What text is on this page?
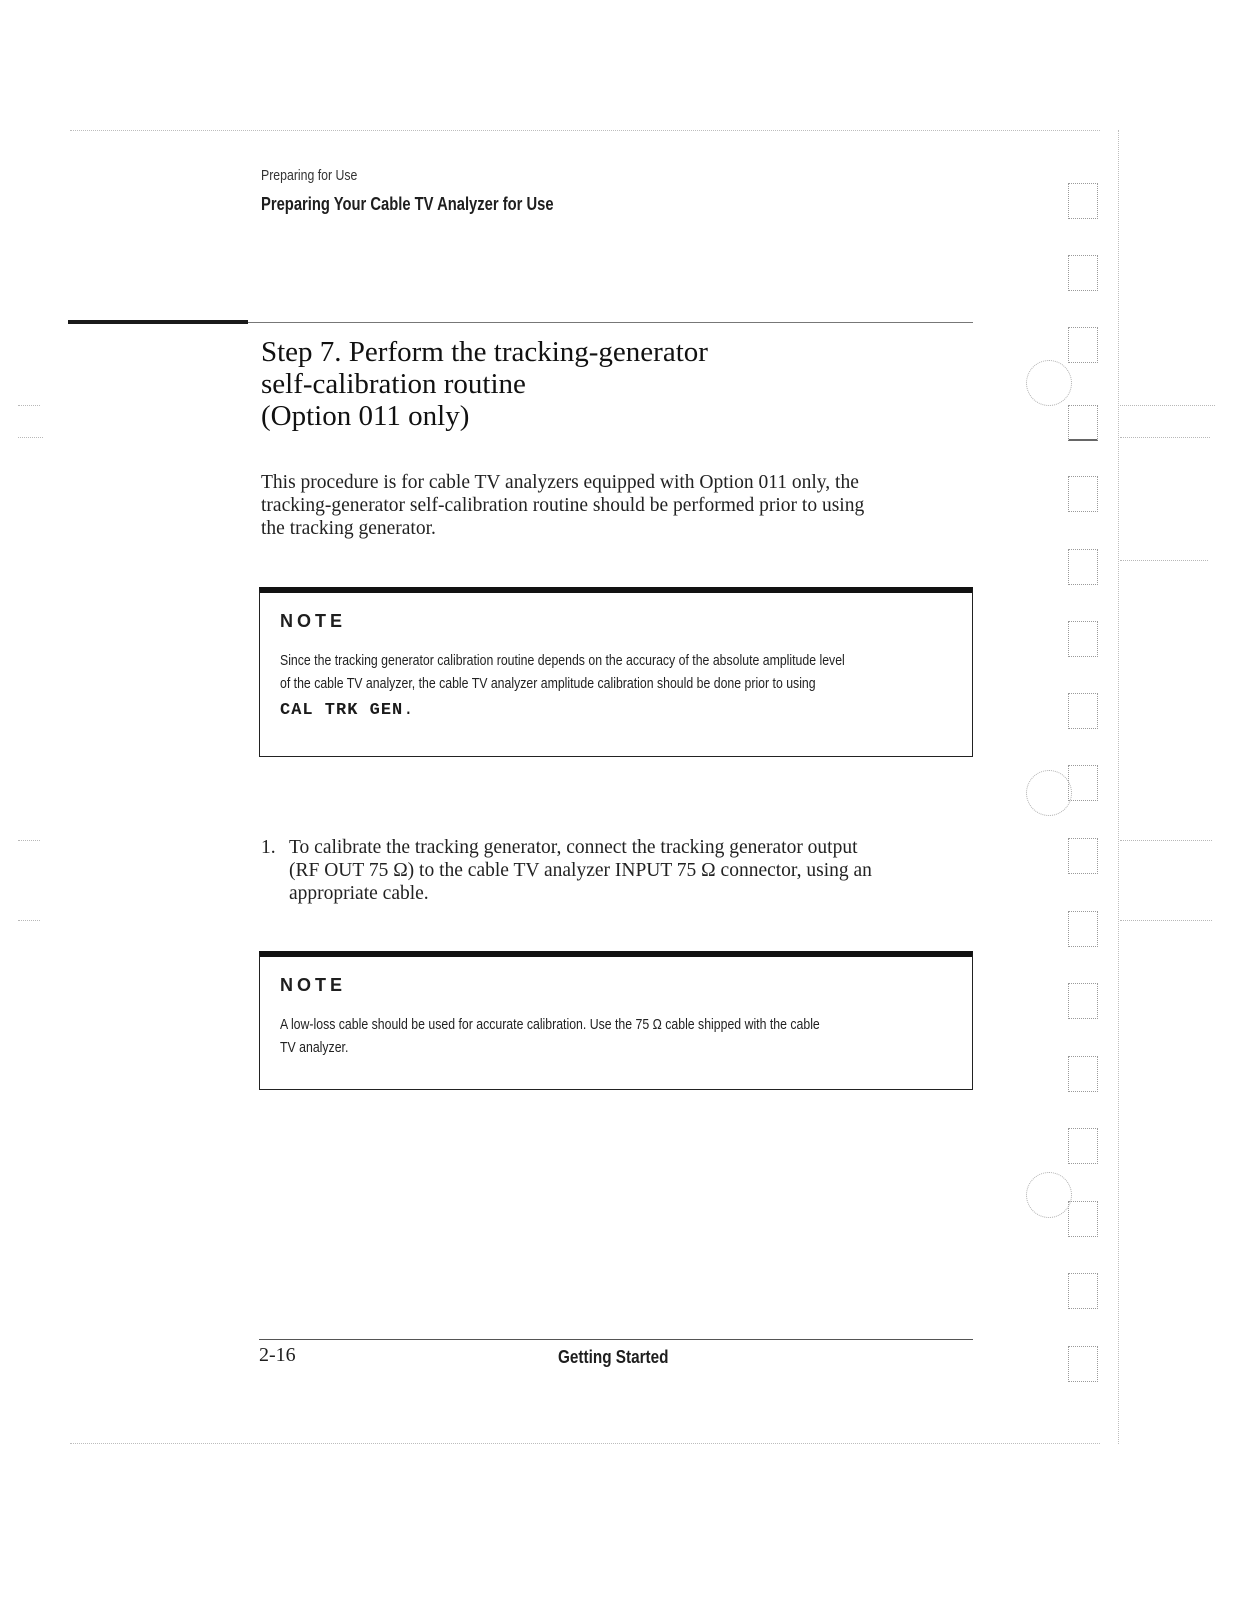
Preparing for Use
Preparing Your Cable TV Analyzer for Use
Step 7. Perform the tracking-generator
self-calibration routine
(Option 011 only)
This procedure is for cable TV analyzers equipped with Option 011 only, the
tracking-generator self-calibration routine should be performed prior to using
the tracking generator.
NOTE
Since the tracking generator calibration routine depends on the accuracy of the absolute amplitude level
of the cable TV analyzer, the cable TV analyzer amplitude calibration should be done prior to using
CAL TRK GEN.
1. To calibrate the tracking generator, connect the tracking generator output
(RF OUT 75 Ω) to the cable TV analyzer INPUT 75 Ω connector, using an
appropriate cable.
NOTE
A low-loss cable should be used for accurate calibration. Use the 75 Ω cable shipped with the cable
TV analyzer.
2-16	Getting Started
